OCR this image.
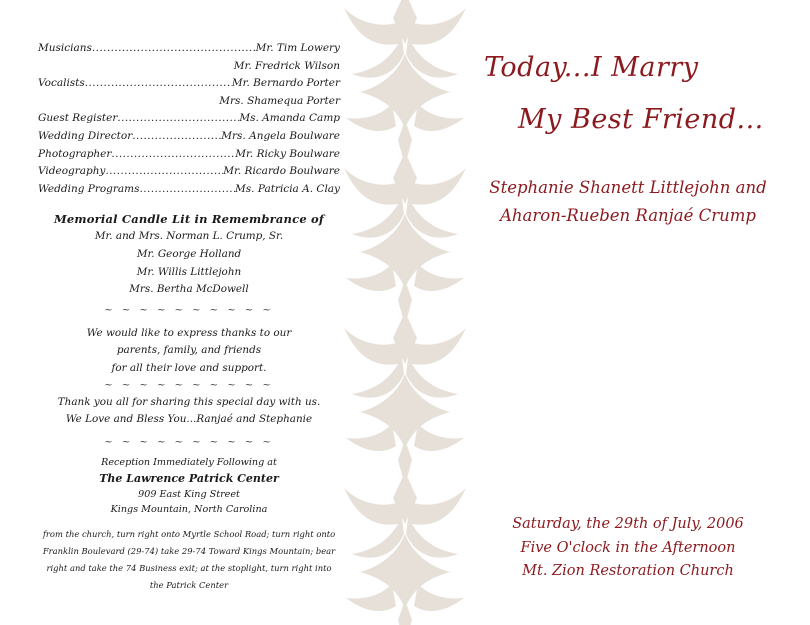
Musicians .....	Mr. Tim Lowery
Mr. Fredrick Wilson
Vocalists .....	Mr. Bernardo Porter
Mrs. Shamequa Porter
Guest Register .....	Ms. Amanda Camp
Wedding Director .....	Mrs. Angela Boulware
Photographer .....	Mr. Ricky Boulware
Videography .....	Mr. Ricardo Boulware
Wedding Programs .....	Ms. Patricia A. Clay
Memorial Candle Lit in Remembrance of
Mr. and Mrs. Norman L. Crump, Sr.
Mr. George Holland
Mr. Willis Littlejohn
Mrs. Bertha McDowell
~ ~ ~ ~ ~ ~ ~ ~ ~ ~
We would like to express thanks to our
parents, family, and friends
for all their love and support.
~ ~ ~ ~ ~ ~ ~ ~ ~ ~
Thank you all for sharing this special day with us.
We Love and Bless You...Ranjaé and Stephanie
~ ~ ~ ~ ~ ~ ~ ~ ~ ~
Reception Immediately Following at
The Lawrence Patrick Center
909 East King Street
Kings Mountain, North Carolina
from the church, turn right onto Myrtle School Road; turn right onto Franklin Boulevard (29-74) take 29-74 Toward Kings Mountain; bear right and take the 74 Business exit; at the stoplight, turn right into the Patrick Center
Today...I Marry
My Best Friend...
Stephanie Shanett Littlejohn and
Aharon-Rueben Ranjaé Crump
Saturday, the 29th of July, 2006
Five O'clock in the Afternoon
Mt. Zion Restoration Church
